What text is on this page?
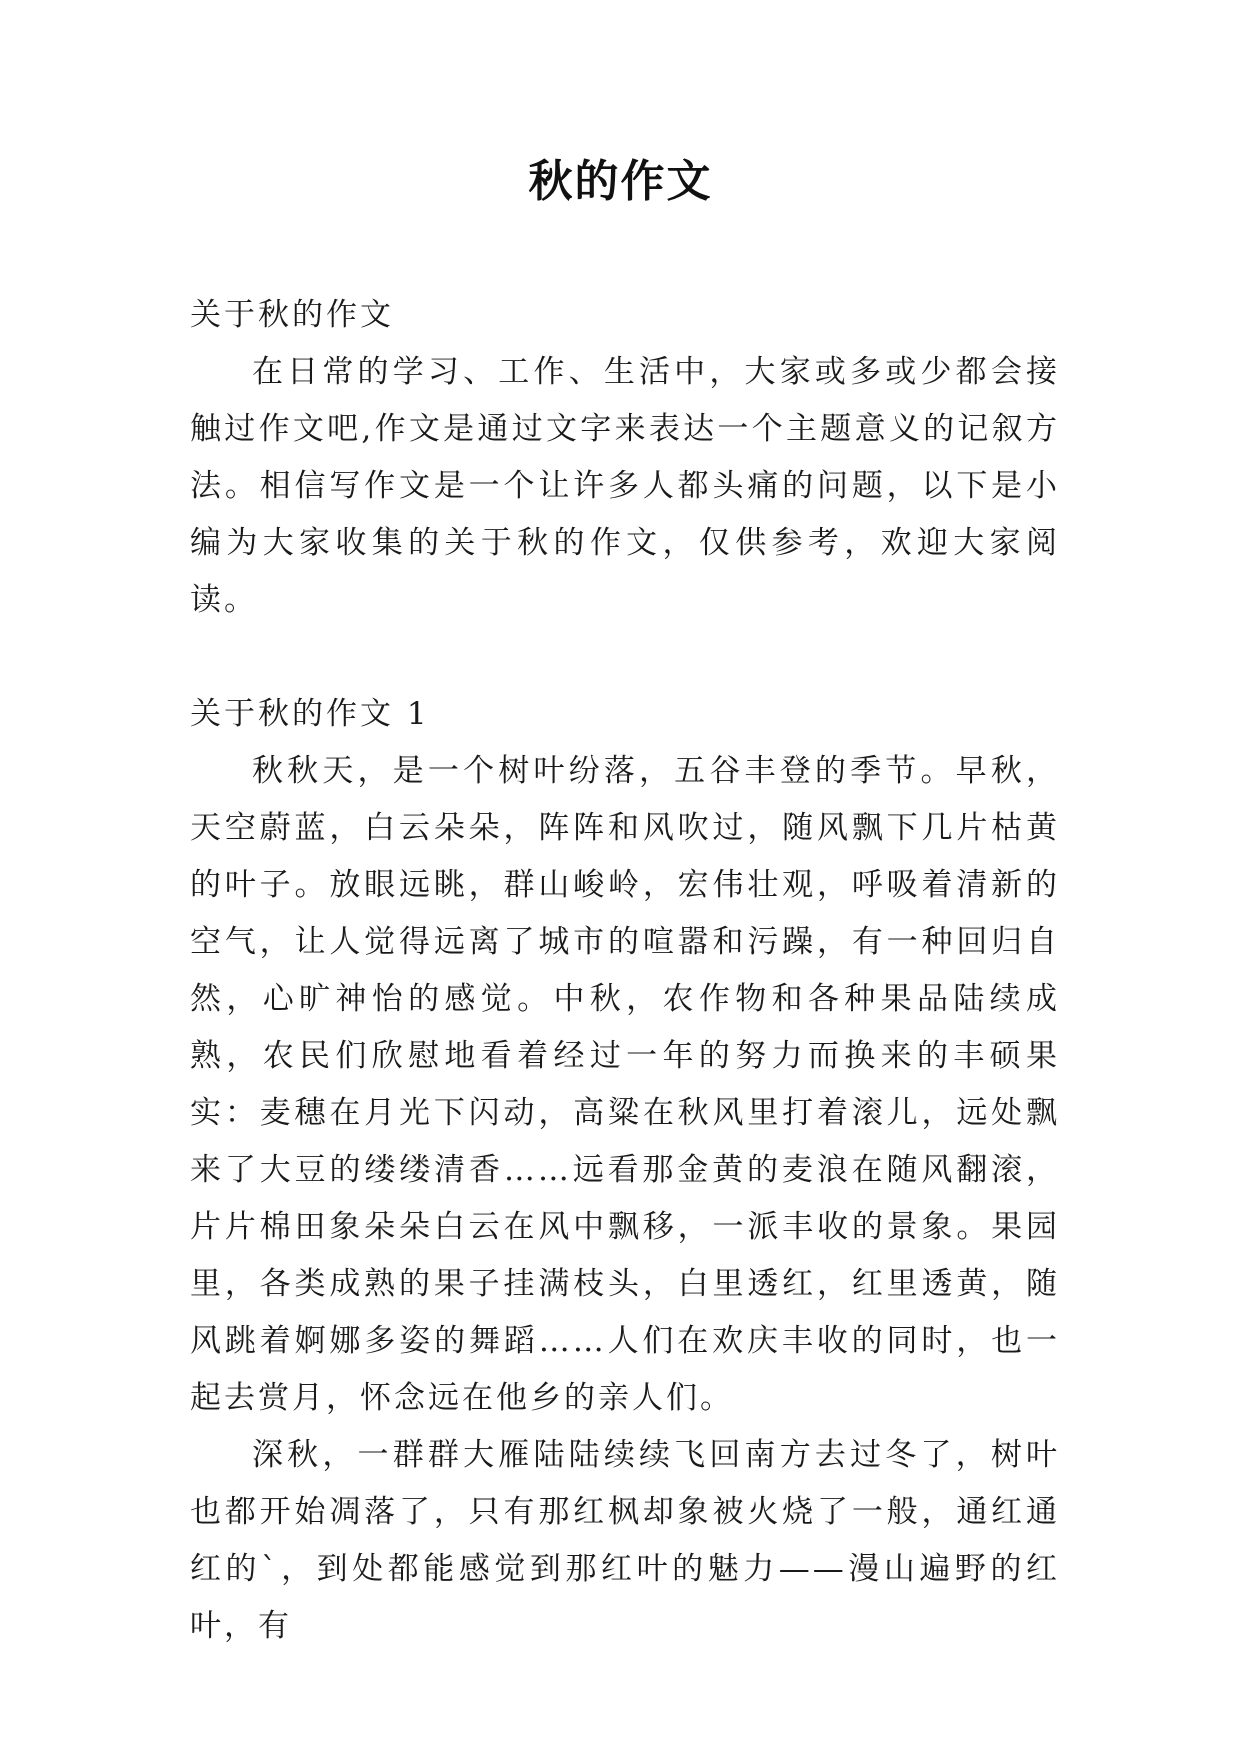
秋的作文

关于秋的作文

在日常的学习、工作、生活中，大家或多或少都会接触过作文吧,作文是通过文字来表达一个主题意义的记叙方法。相信写作文是一个让许多人都头痛的问题，以下是小编为大家收集的关于秋的作文，仅供参考，欢迎大家阅读。

关于秋的作文 1

秋秋天，是一个树叶纷落，五谷丰登的季节。早秋，天空蔚蓝，白云朵朵，阵阵和风吹过，随风飘下几片枯黄的叶子。放眼远眺，群山峻岭，宏伟壮观，呼吸着清新的空气，让人觉得远离了城市的喧嚣和污躁，有一种回归自然，心旷神怡的感觉。中秋，农作物和各种果品陆续成熟，农民们欣慰地看着经过一年的努力而换来的丰硕果实：麦穗在月光下闪动，高粱在秋风里打着滚儿，远处飘来了大豆的缕缕清香……远看那金黄的麦浪在随风翻滚，片片棉田象朵朵白云在风中飘移，一派丰收的景象。果园里，各类成熟的果子挂满枝头，白里透红，红里透黄，随风跳着婀娜多姿的舞蹈……人们在欢庆丰收的同时，也一起去赏月，怀念远在他乡的亲人们。

深秋，一群群大雁陆陆续续飞回南方去过冬了，树叶也都开始凋落了，只有那红枫却象被火烧了一般，通红通红的`，到处都能感觉到那红叶的魅力——漫山遍野的红叶，有
